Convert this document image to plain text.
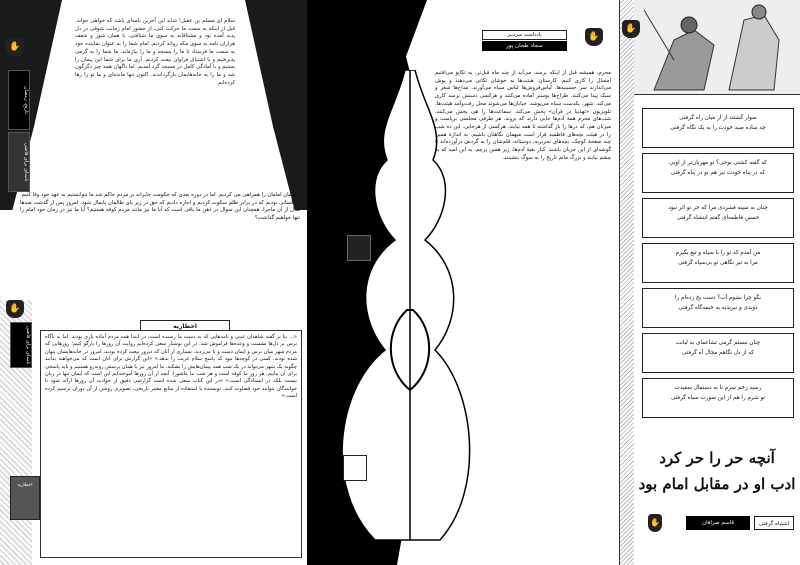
✋
تاریخ، رمضان
نامه‌ای برای قاضی
سلام ای مسلم بن عقیل! شاید این آخرین نامه‌ای باشد که خواهی خواند. قبل از اینکه به سمت ما حرکت کنی، از حضور امام زمانت شوقی در دل پدید آمده بود و مشتاقانه به سوی ما شتافتی. با همان شور و شعف هزاران نامه به سوی مکه روانه کردیم. امام شما را به عنوان نماینده خود به سمت ما فرستاد تا ما را بسنجد و ما را بیازماید. ما شما را به گرمی پذیرفتیم و با اشتیاق فراوان بیعت کردیم. آری ما برای شما این پیمان را بستیم و با آمادگی کامل در مسجد گرد آمدیم. اما ناگهان همه چیز دگرگون شد و ما را به خانه‌هایمان بازگرداندند. اکنون تنها مانده‌ای و ما تو را رها کرده‌ایم.
خودمان امامان را همراهی می کردیم. اما در دوره بعدی که حکومت جابرانه بر مردم حاکم شد ما نتوانستیم به عهد خود وفا کنیم. ما کسانی بودیم که در برابر ظلم سکوت کردیم و اجازه دادیم که حق در زیر پای ظالمان پایمال شود. امروز پس از گذشت صدها سال از آن ماجرا، همچنان این سوال در ذهن ما باقی است که آیا ما نیز مانند مردم کوفه هستیم؟ آیا ما نیز در زمان خود امام را تنها خواهیم گذاشت؟
✋
نامه‌ای برای قاضی	اخطاریه
«... بنا بر گفته شاهدان عینی و نامه‌هایی که به دست ما رسیده است، در ابتدا همه مردم آماده یاری بودند. اما به ناگاه ترس بر دل‌ها نشست و وعده‌ها فراموش شد. در این نوشتار سعی کرده‌ایم روایت آن روزها را بازگو کنیم؛ روزهایی که مردم شهر میان ترس و ایمان دست و پا می‌زدند. بسیاری از آنان که دیروز بیعت کرده بودند، امروز در خانه‌هایشان پنهان شده بودند. کسی در کوچه‌ها نبود که پاسخ سلام غریب را بدهد.» «این گزارش برای آنان است که می‌خواهند بدانند چگونه یک شهر می‌تواند در یک شب همه پیمان‌هایش را بشکند. ما امروز نیز با همان پرسش روبه‌رو هستیم و باید پاسخی برای آن بیابیم. هر روز ما کوفه است و هر شب ما عاشورا. آنچه از آن روزها آموخته‌ایم این است که ایمان تنها در زبان نیست بلکه در ایستادگی است.» «در این کتاب سعی شده است گزارشی دقیق از حوادث آن روزها ارائه شود تا خوانندگان بتوانند خود قضاوت کنند. نویسنده با استفاده از منابع معتبر تاریخی، تصویری روشن از آن دوران ترسیم کرده است.»
اخطاریه
✋
یادداشت سردبیر
سجاد طحان پور
محرم، همیشه قبل از اینکه برسد، می‌آید از چند ماه قبل‌تر، به تکاپو می‌افتیم امسال را کاری کنیم. کارستان. هیئت‌ها به خوشان تکانی می‌دهند و پوش می‌اندازند سر حسینیه‌ها. لباس‌فروش‌ها لباس سیاه می‌آورند. مداح‌ها شعر و سبک پیدا می‌کنند. طراح‌ها پوستر آماده می‌کنند و هرکسی دستش برسد کاری می‌کند. شهر، یکدست سیاه می‌پوشد. خیابان‌ها می‌شوند محل رفت‌وآمد هیئت‌ها. تلویزیون «تهذیبا در قرآن» پخش می‌کند. سماعت‌ها را هی پخش می‌کنند. شب‌های محرم همهٔ آدم‌ها جایی دارند که بروند. هر طرفی مجلسی برپاست و میزبان هم، که درها را باز گذاشته تا همه بیایند. هرکسی از هرجایی. این ده شب را در هیئت بچه‌های فاطمیه قرار است میهمان نگاهتان باشیم. به اندازهٔ همین چند صفحهٔ کوچک، بچه‌های تحریریه، دوستانه، قلم‌شان را به گردش درآورده‌اند تا گوشه‌ای از این جریان باشند. کنار بقیهٔ آدم‌ها، زیر همین پرچم. به این امید که به چشم بیایند و بزرگ ماتم تاریخ را به سوگ بنشینند.
✋
سوار گشتند از از میان راه گرفتی
چه ساده صید خودت را به یک نگاه گرفتی
که گفته کشتی نوحی؟ تو مهربان‌تر از اویی
که در پناه خودت نیز هم تو در پناه گرفتی
چنان به سینه فشردی مرا که جز تو اثر نبود
حسین فاطمه‌ای گفتم انتشاه گرفتی
من آمدم که تو را با سپاه و تیغ بگیرم
مرا به تیر نگاهی تو بی‌سپاه گرفتی
بگو چرا نشوم آب؟ دست بخ زده‌ام را
دوبدی و نبریدیه به خیمه‌گاه گرفتی
چنان نبستم گرمی تشاعمای به لبانت
که از دل نگاهم مجال آه گرفتی
رسید زخم سرم تا به دستمال سفیدت
تو شرم را هم از این صورت سیاه گرفتی
آنچه حر را حر کرد
ادب او در مقابل امام بود
اشتباه گرفتی
قاسم صرافان
✋
